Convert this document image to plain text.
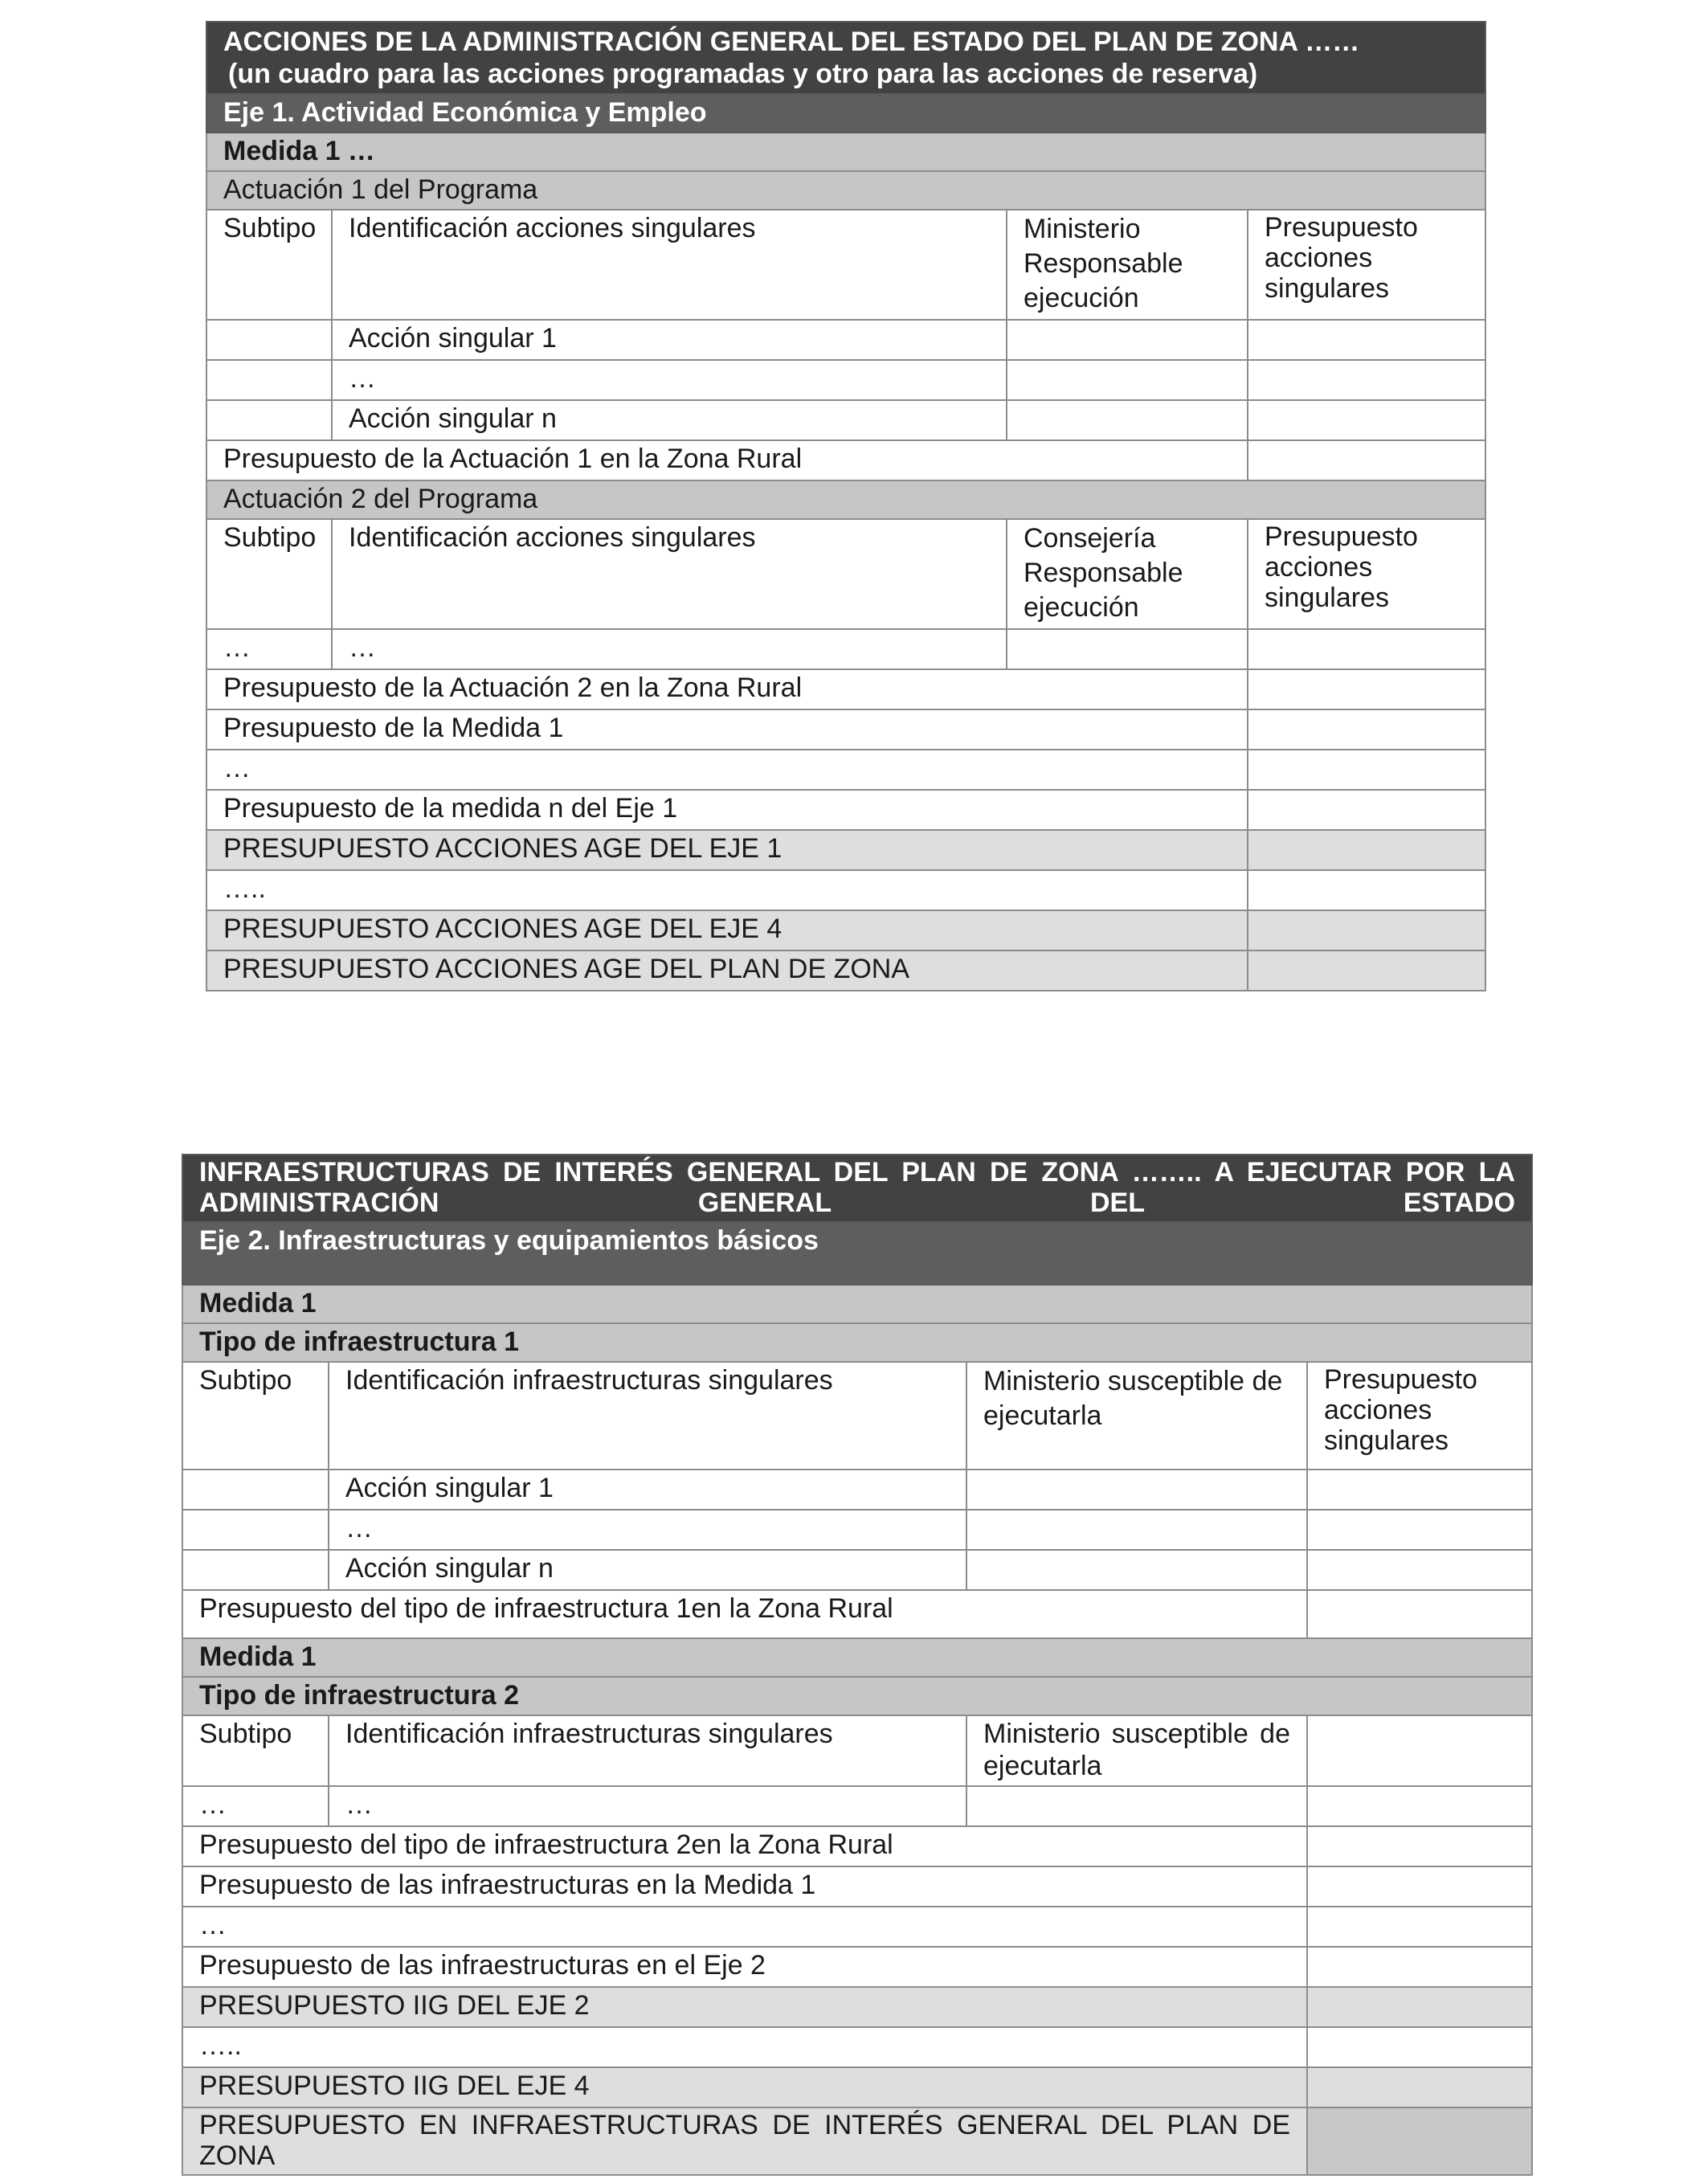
ACCIONES DE LA ADMINISTRACIÓN GENERAL DEL ESTADO DEL PLAN DE ZONA ……
(un cuadro para las acciones programadas y otro para las acciones de reserva)			

Eje 1. Actividad Económica y Empleo			
Medida 1 …			
Actuación 1 del Programa			
Subtipo	Identificación acciones singulares	Ministerio Responsable ejecución	Presupuesto acciones singulares
	Acción singular 1		
	…		
	Acción singular n		
Presupuesto de la Actuación 1 en la Zona Rural			
Actuación 2 del Programa			
Subtipo	Identificación acciones singulares	Consejería Responsable ejecución	Presupuesto acciones singulares
…	…		
Presupuesto de la Actuación 2 en la Zona Rural			
Presupuesto de la Medida 1			
…			
Presupuesto de la medida n del Eje 1			
PRESUPUESTO ACCIONES AGE DEL EJE 1			
…..			
PRESUPUESTO ACCIONES AGE DEL EJE 4			
PRESUPUESTO ACCIONES AGE DEL PLAN DE ZONA			
INFRAESTRUCTURAS DE INTERÉS GENERAL DEL PLAN DE ZONA …….. A EJECUTAR POR LA ADMINISTRACIÓN GENERAL DEL ESTADO			
Eje 2. Infraestructuras y equipamientos básicos			
Medida 1			
Tipo de infraestructura 1			
Subtipo	Identificación infraestructuras singulares	Ministerio susceptible de ejecutarla	Presupuesto acciones singulares
	Acción singular 1		
	…		
	Acción singular n		
Presupuesto del tipo de infraestructura 1en la Zona Rural			
Medida 1			
Tipo de infraestructura 2			
Subtipo	Identificación infraestructuras singulares	Ministerio susceptible de ejecutarla	
…	…		
Presupuesto del tipo de infraestructura 2en la Zona Rural			
Presupuesto de las infraestructuras en la Medida 1			
…			
Presupuesto de las infraestructuras en el Eje 2			
PRESUPUESTO IIG DEL EJE 2			
…..			
PRESUPUESTO IIG DEL EJE 4			
PRESUPUESTO EN INFRAESTRUCTURAS DE INTERÉS GENERAL DEL PLAN DE ZONA			
